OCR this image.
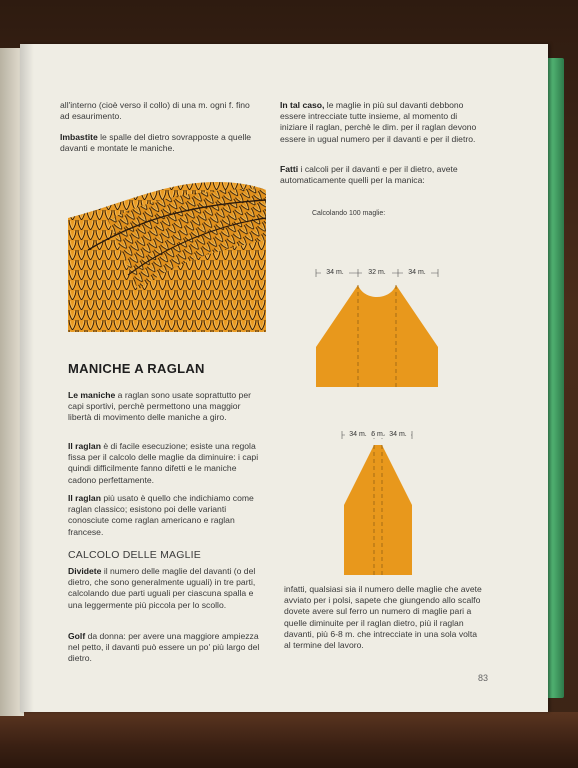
all'interno (cioè verso il collo) di una m. ogni f. fino ad esaurimento.
Imbastite le spalle del dietro sovrapposte a quelle davanti e montate le maniche.
MANICHE A RAGLAN
Le maniche a raglan sono usate soprattutto per capi sportivi, perchè permettono una maggior libertà di movimento delle maniche a giro.
Il raglan è di facile esecuzione; esiste una regola fissa per il calcolo delle maglie da diminuire: i capi quindi difficilmente fanno difetti e le maniche cadono perfettamente.
Il raglan più usato è quello che indichiamo come raglan classico; esistono poi delle varianti conosciute come raglan americano e raglan francese.
CALCOLO DELLE MAGLIE
Dividete il numero delle maglie del davanti (o del dietro, che sono generalmente uguali) in tre parti, calcolando due parti uguali per ciascuna spalla e una leggermente più piccola per lo scollo.
Golf da donna: per avere una maggiore ampiezza nel petto, il davanti può essere un po' più largo del dietro.
In tal caso, le maglie in più sul davanti debbono essere intrecciate tutte insieme, al momento di iniziare il raglan, perchè le dim. per il raglan devono essere in ugual numero per il davanti e per il dietro.
Fatti i calcoli per il davanti e per il dietro, avete automaticamente quelli per la manica:
Calcolando 100 maglie:
34 m.	32 m.	34 m.
34 m. 6 m. 34 m.
infatti, qualsiasi sia il numero delle maglie che avete avviato per i polsi, sapete che giungendo allo scalfo dovete avere sul ferro un numero di maglie pari a quelle diminuite per il raglan dietro, più il raglan davanti, più 6-8 m. che intrecciate in una sola volta al termine del lavoro.
83
